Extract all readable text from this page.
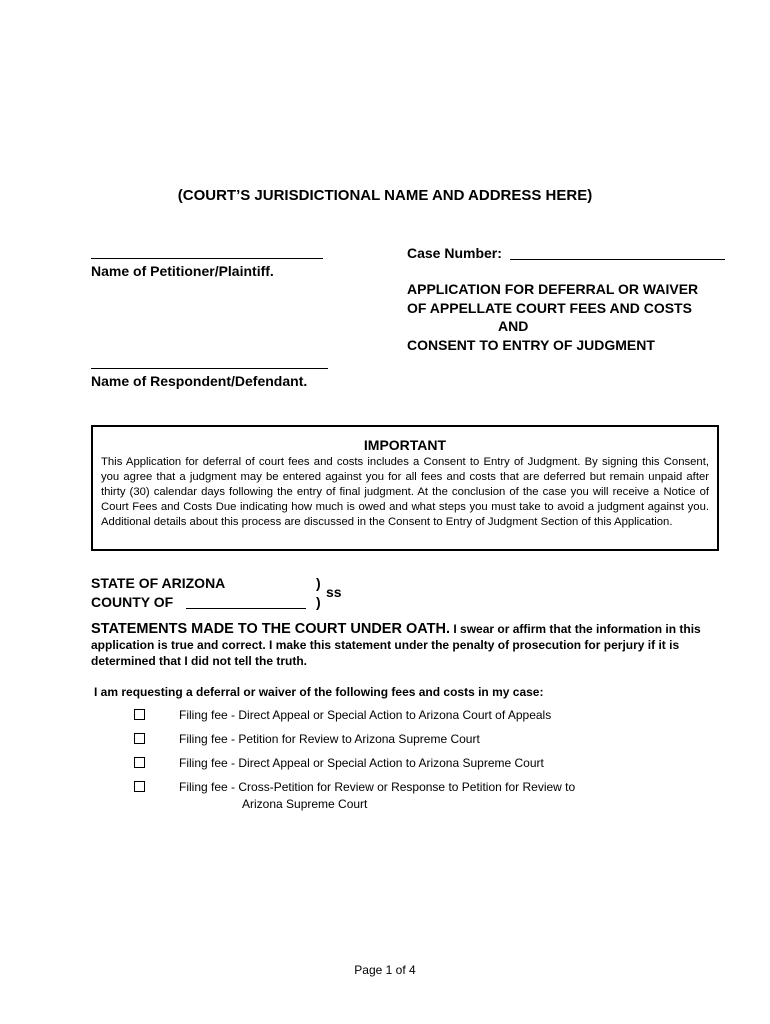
(COURT’S JURISDICTIONAL NAME AND ADDRESS HERE)
Name of Petitioner/Plaintiff.
Case Number:
APPLICATION FOR DEFERRAL OR WAIVER
OF APPELLATE COURT FEES AND COSTS
AND
CONSENT TO ENTRY OF JUDGMENT
Name of Respondent/Defendant.
IMPORTANT
This Application for deferral of court fees and costs includes a Consent to Entry of Judgment. By signing this Consent, you agree that a judgment may be entered against you for all fees and costs that are deferred but remain unpaid after thirty (30) calendar days following the entry of final judgment. At the conclusion of the case you will receive a Notice of Court Fees and Costs Due indicating how much is owed and what steps you must take to avoid a judgment against you. Additional details about this process are discussed in the Consent to Entry of Judgment Section of this Application.
STATE OF ARIZONA
COUNTY OF
)
)
ss
STATEMENTS MADE TO THE COURT UNDER OATH. I swear or affirm that the information in this application is true and correct. I make this statement under the penalty of prosecution for perjury if it is determined that I did not tell the truth.
I am requesting a deferral or waiver of the following fees and costs in my case:
Filing fee - Direct Appeal or Special Action to Arizona Court of Appeals
Filing fee - Petition for Review to Arizona Supreme Court
Filing fee - Direct Appeal or Special Action to Arizona Supreme Court
Filing fee - Cross-Petition for Review or Response to Petition for Review to
Arizona Supreme Court
Page 1 of 4
